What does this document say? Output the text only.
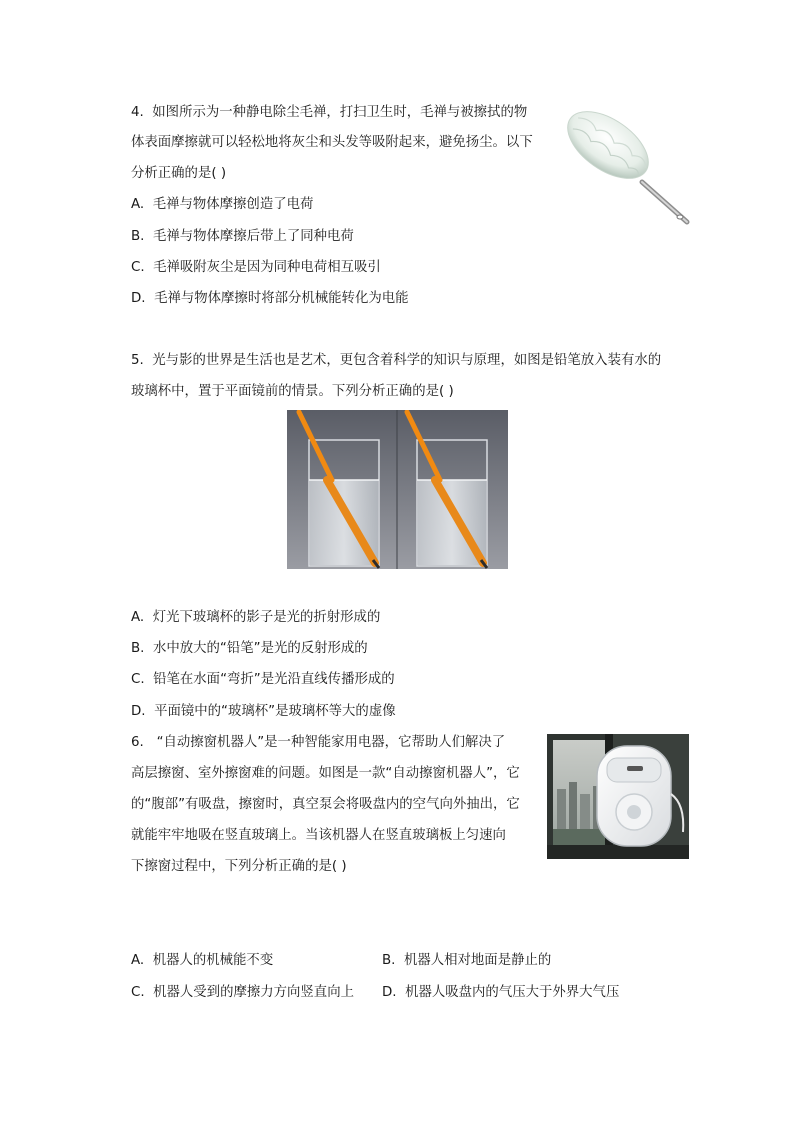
4. 如图所示为一种静电除尘毛禅，打扫卫生时，毛禅与被擦拭的物
体表面摩擦就可以轻松地将灰尘和头发等吸附起来，避免扬尘。以下
分析正确的是( )
A. 毛禅与物体摩擦创造了电荷
B. 毛禅与物体摩擦后带上了同种电荷
C. 毛禅吸附灰尘是因为同种电荷相互吸引
D. 毛禅与物体摩擦时将部分机械能转化为电能
5. 光与影的世界是生活也是艺术，更包含着科学的知识与原理，如图是铅笔放入装有水的
玻璃杯中，置于平面镜前的情景。下列分析正确的是( )
A. 灯光下玻璃杯的影子是光的折射形成的
B. 水中放大的“铅笔”是光的反射形成的
C. 铅笔在水面“弯折”是光沿直线传播形成的
D. 平面镜中的“玻璃杯”是玻璃杯等大的虚像
6. “自动擦窗机器人”是一种智能家用电器，它帮助人们解决了
高层擦窗、室外擦窗难的问题。如图是一款“自动擦窗机器人”，它
的“腹部”有吸盘，擦窗时，真空泵会将吸盘内的空气向外抽出，它
就能牢牢地吸在竖直玻璃上。当该机器人在竖直玻璃板上匀速向
下擦窗过程中，下列分析正确的是( )
A. 机器人的机械能不变	B. 机器人相对地面是静止的
C. 机器人受到的摩擦力方向竖直向上 D. 机器人吸盘内的气压大于外界大气压
